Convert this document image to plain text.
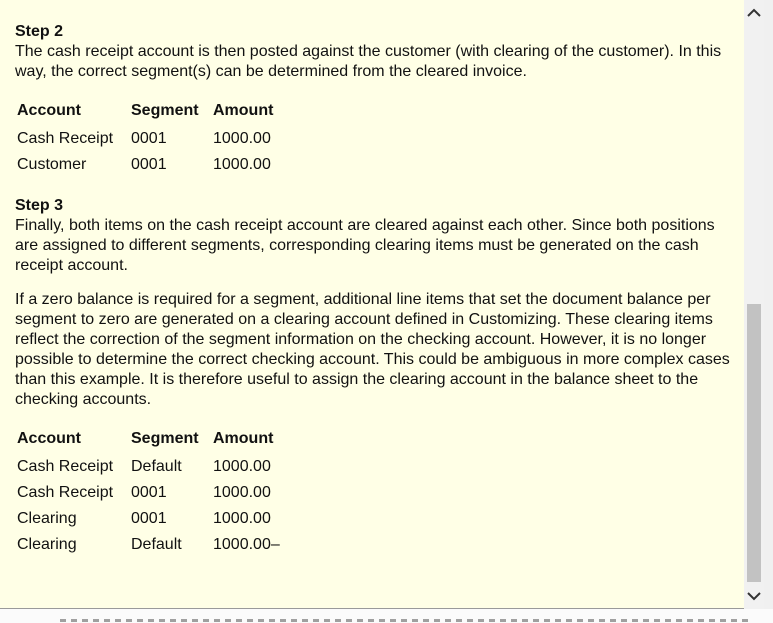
Step 2

The cash receipt account is then posted against the customer (with clearing of the customer). In this way, the correct segment(s) can be determined from the cleared invoice.

Account	Segment	Amount
Cash Receipt	0001	1000.00
Customer	0001	1000.00

Step 3

Finally, both items on the cash receipt account are cleared against each other. Since both positions are assigned to different segments, corresponding clearing items must be generated on the cash receipt account.

If a zero balance is required for a segment, additional line items that set the document balance per segment to zero are generated on a clearing account defined in Customizing. These clearing items reflect the correction of the segment information on the checking account. However, it is no longer possible to determine the correct checking account. This could be ambiguous in more complex cases than this example. It is therefore useful to assign the clearing account in the balance sheet to the checking accounts.

Account	Segment	Amount
Cash Receipt	Default	1000.00
Cash Receipt	0001	1000.00
Clearing	0001	1000.00
Clearing	Default	1000.00–
